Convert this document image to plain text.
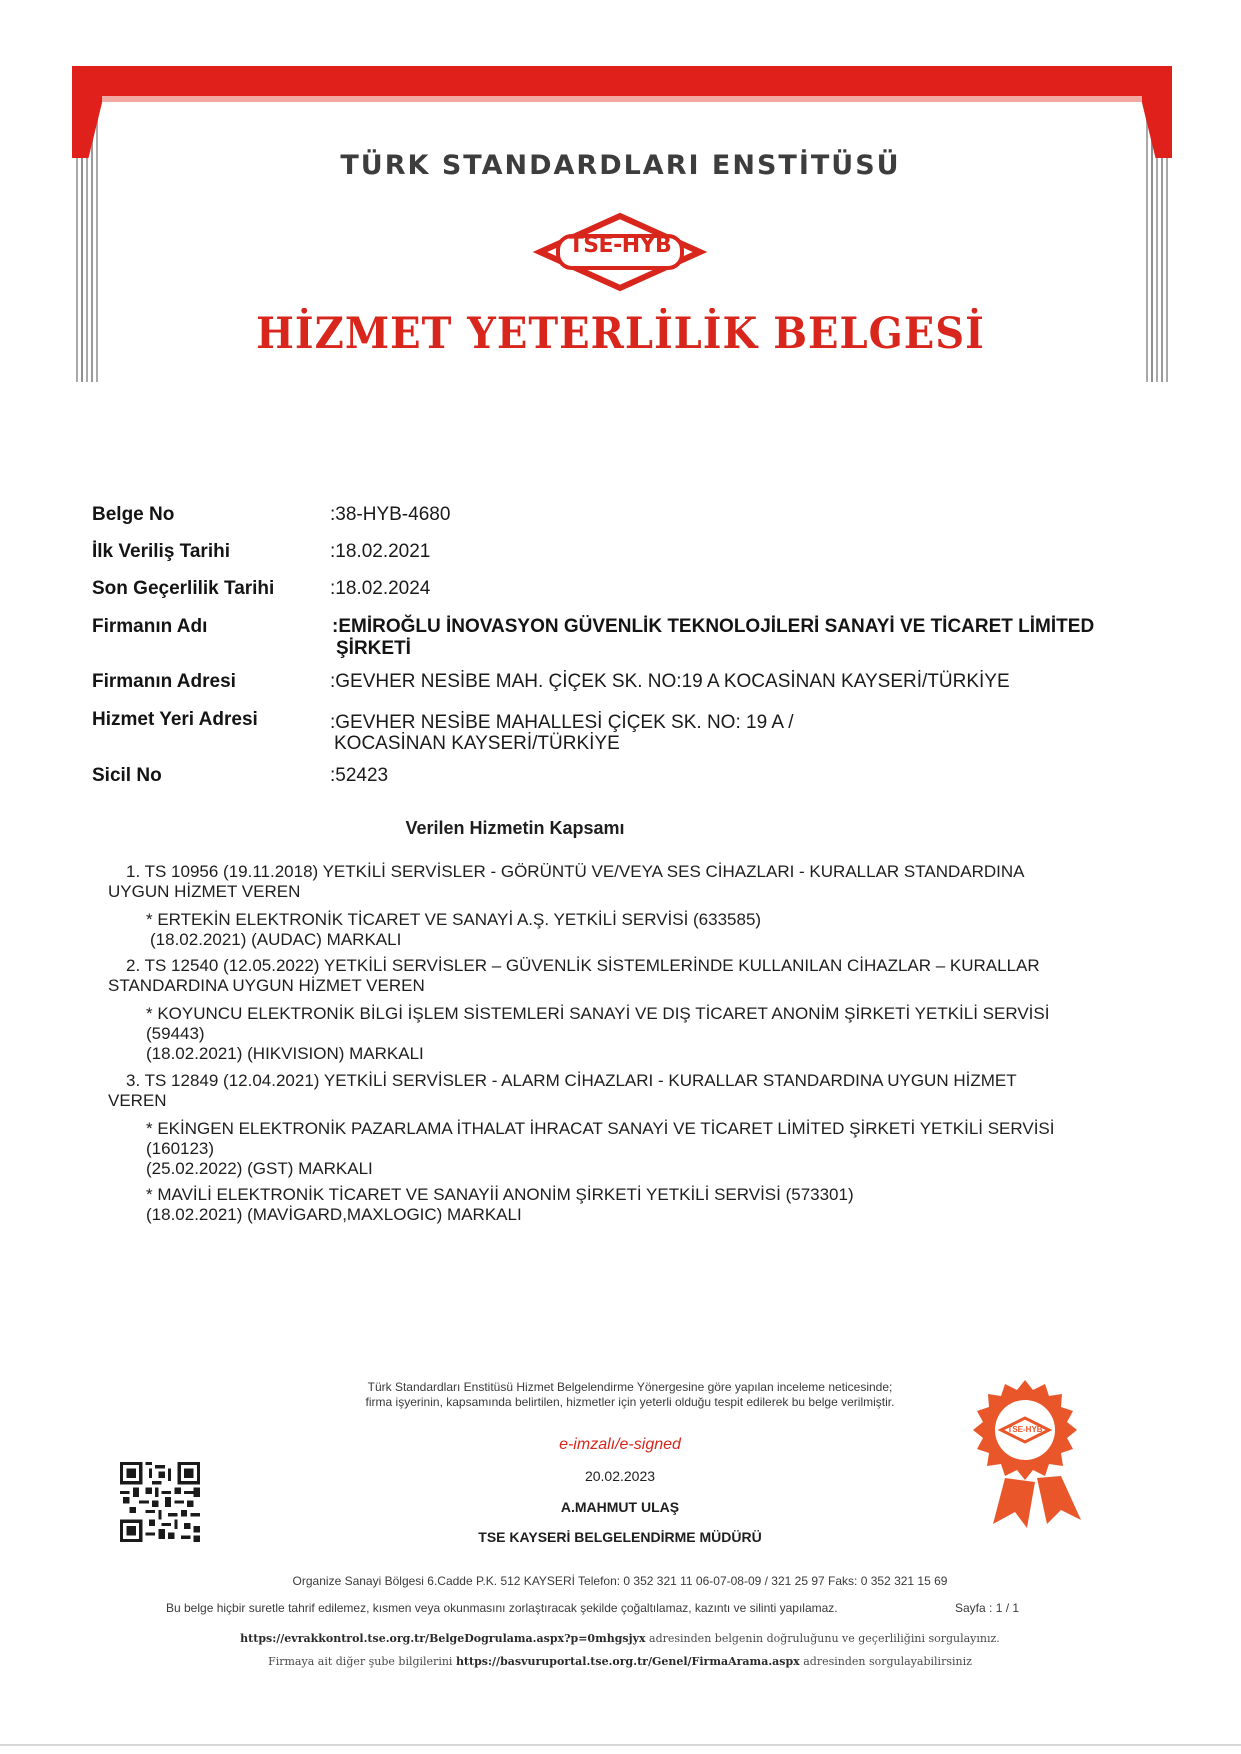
TÜRK STANDARDLARI ENSTİTÜSÜ
TSE-HYB
HİZMET YETERLİLİK BELGESİ
Belge No	:38-HYB-4680
İlk Veriliş Tarihi	:18.02.2021
Son Geçerlilik Tarihi	:18.02.2024
Firmanın Adı	:EMİROĞLU İNOVASYON GÜVENLİK TEKNOLOJİLERİ SANAYİ VE TİCARET LİMİTED
ŞİRKETİ
Firmanın Adresi	:GEVHER NESİBE MAH. ÇİÇEK SK. NO:19 A KOCASİNAN KAYSERİ/TÜRKİYE
Hizmet Yeri Adresi	:GEVHER NESİBE MAHALLESİ ÇİÇEK SK. NO: 19 A /
KOCASİNAN KAYSERİ/TÜRKİYE
Sicil No	:52423
Verilen Hizmetin Kapsamı
1. TS 10956 (19.11.2018) YETKİLİ SERVİSLER - GÖRÜNTÜ VE/VEYA SES CİHAZLARI - KURALLAR STANDARDINA
UYGUN HİZMET VEREN
* ERTEKİN ELEKTRONİK TİCARET VE SANAYİ A.Ş. YETKİLİ SERVİSİ (633585)
(18.02.2021) (AUDAC) MARKALI
2. TS 12540 (12.05.2022) YETKİLİ SERVİSLER – GÜVENLİK SİSTEMLERİNDE KULLANILAN CİHAZLAR – KURALLAR
STANDARDINA UYGUN HİZMET VEREN
* KOYUNCU ELEKTRONİK BİLGİ İŞLEM SİSTEMLERİ SANAYİ VE DIŞ TİCARET ANONİM ŞİRKETİ YETKİLİ SERVİSİ
(59443)
(18.02.2021) (HIKVISION) MARKALI
3. TS 12849 (12.04.2021) YETKİLİ SERVİSLER - ALARM CİHAZLARI - KURALLAR STANDARDINA UYGUN HİZMET
VEREN
* EKİNGEN ELEKTRONİK PAZARLAMA İTHALAT İHRACAT SANAYİ VE TİCARET LİMİTED ŞİRKETİ YETKİLİ SERVİSİ
(160123)
(25.02.2022) (GST) MARKALI
* MAVİLİ ELEKTRONİK TİCARET VE SANAYİİ ANONİM ŞİRKETİ YETKİLİ SERVİSİ (573301)
(18.02.2021) (MAVİGARD,MAXLOGIC) MARKALI
Türk Standardları Enstitüsü Hizmet Belgelendirme Yönergesine göre yapılan inceleme neticesinde;
firma işyerinin, kapsamında belirtilen, hizmetler için yeterli olduğu tespit edilerek bu belge verilmiştir.
e-imzalı/e-signed
20.02.2023
A.MAHMUT ULAŞ
TSE KAYSERİ BELGELENDİRME MÜDÜRÜ
TSE-HYB
Organize Sanayi Bölgesi 6.Cadde P.K. 512 KAYSERİ Telefon: 0 352 321 11 06-07-08-09 / 321 25 97 Faks: 0 352 321 15 69
Bu belge hiçbir suretle tahrif edilemez, kısmen veya okunmasını zorlaştıracak şekilde çoğaltılamaz, kazıntı ve silinti yapılamaz.	Sayfa : 1 / 1
https://evrakkontrol.tse.org.tr/BelgeDogrulama.aspx?p=0mhgsjyx adresinden belgenin doğruluğunu ve geçerliliğini sorgulayınız.
Firmaya ait diğer şube bilgilerini https://basvuruportal.tse.org.tr/Genel/FirmaArama.aspx adresinden sorgulayabilirsiniz
